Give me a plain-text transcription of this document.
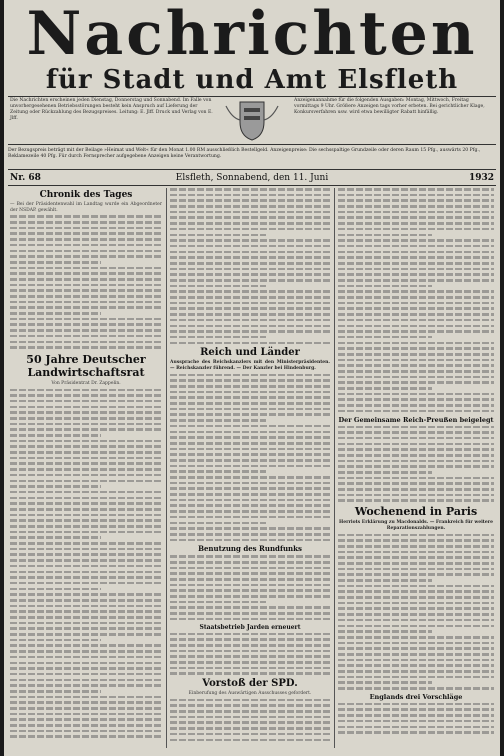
Nachrichten
für Stadt und Amt Elsfleth
Die Nachrichten erscheinen jeden Dienstag, Donnerstag und Sonnabend. Im Falle von unvorhergesehenen Betriebsstörungen besteht kein Anspruch auf Lieferung der Zeitung oder Rückzahlung des Bezugspreises. Leitung: E. Jlff. Druck und Verlag von E. Jlff.
Anzeigenannahme für die folgenden Ausgaben: Montag, Mittwoch, Freitag vormittags 9 Uhr. Größere Anzeigen tags vorher erbeten. Bei gerichtlicher Klage, Konkursverfahren usw. wird etwa bewilligter Rabatt hinfällig.
Der Bezugspreis beträgt mit der Beilage »Heimat und Welt« für den Monat 1.00 RM ausschließlich Bestellgeld. Anzeigenpreise: Die sechsspaltige Grundzeile oder deren Raum 15 Pfg., auswärts 20 Pfg., Reklamezeile 40 Pfg. Für durch Fernsprecher aufgegebene Anzeigen keine Verantwortung.
Nr. 68	Elsfleth, Sonnabend, den 11. Juni	1932
Chronik des Tages
— Bei der Präsidentenwahl im Landtag wurde ein Abgeordneter der NSDAP. gewählt.
50 Jahre Deutscher Landwirtschaftsrat
Von Präsidentrat Dr. Zappelin.
Reich und Länder
Aussprache des Reichskanzlers mit den Ministerpräsidenten. — Reichskanzler führend. — Der Kanzler bei Hindenburg.
Benutzung des Rundfunks
Staatsbetrieb Jarden erneuert
Vorstoß der SPD.
Einberufung des Auswärtigen Ausschusses gefordert.
Der Gemeinsame Reich-Preußen beigelegt
Wochenend in Paris
Herriots Erklärung zu Macdonalds. — Frankreich für weitere Reparationszahlungen.
Englands drei Vorschläge
